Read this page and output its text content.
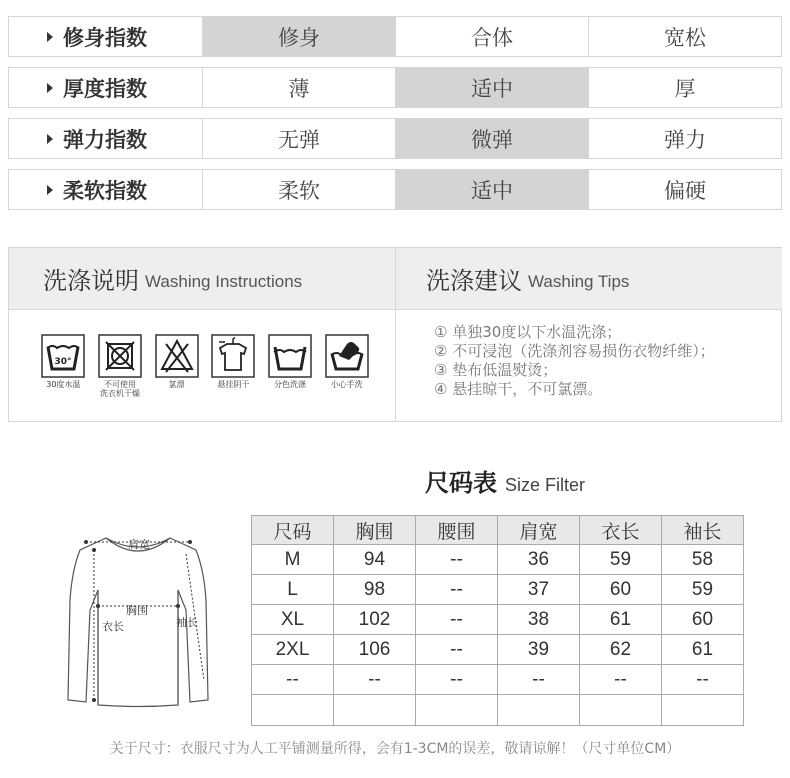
修身指数	修身	合体	宽松
厚度指数	薄	适中	厚
弹力指数	无弹	微弹	弹力
柔软指数	柔软	适中	偏硬
洗涤说明 Washing Instructions	洗涤建议 Washing Tips
30°
30度水温	不可使用
洗衣机干燥
氯漂	悬挂阴干	分色洗涤	小心手洗
① 单独30度以下水温洗涤；
② 不可浸泡（洗涤剂容易损伤衣物纤维）；
③ 垫布低温熨烫；
④ 悬挂晾干，不可氯漂。
尺码表 Size Filter
肩宽
胸围
衣长	袖长
尺码	胸围	腰围	肩宽	衣长	袖长
M	94	--	36	59	58
L	98	--	37	60	59
XL	102	--	38	61	60
2XL	106	--	39	62	61
--	--	--	--	--	--

关于尺寸：衣服尺寸为人工平铺测量所得，会有1-3CM的误差，敬请谅解！（尺寸单位CM）
